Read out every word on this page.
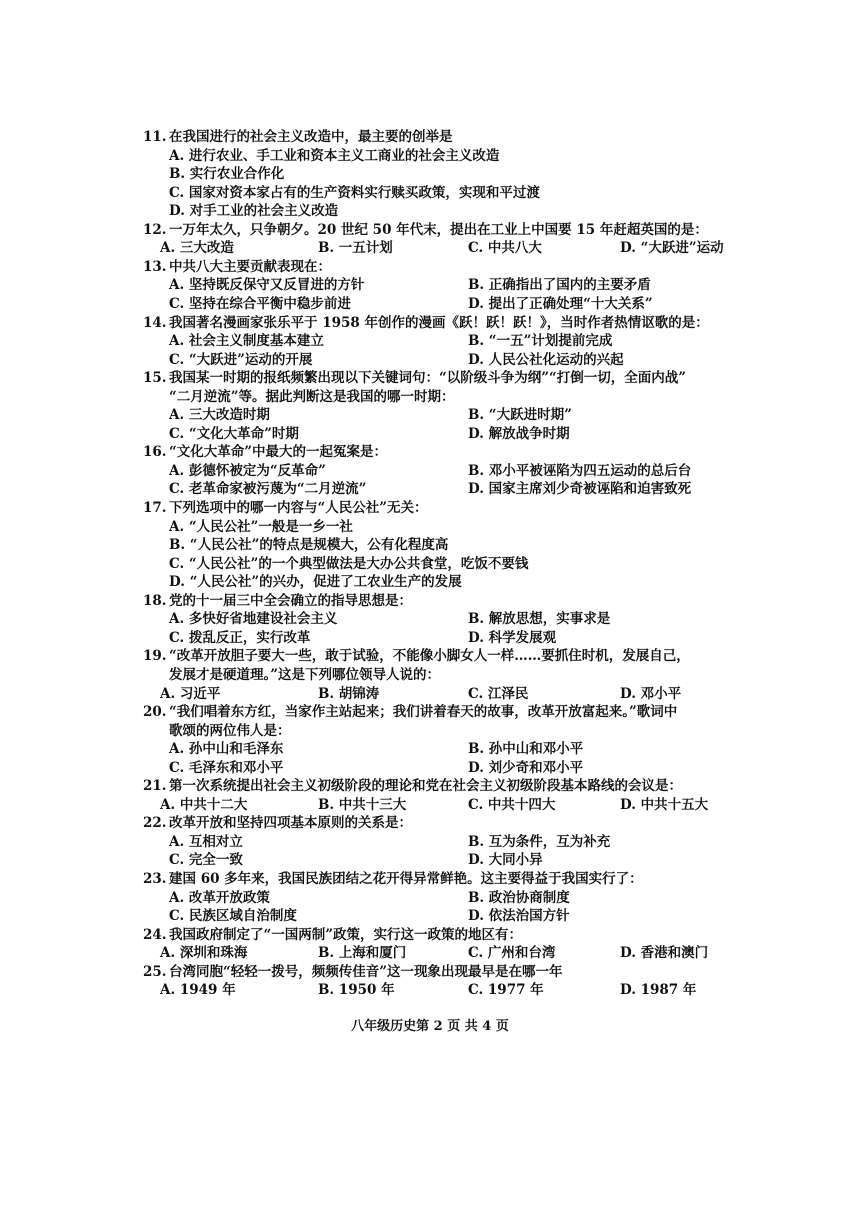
11. 在我国进行的社会主义改造中，最主要的创举是
A. 进行农业、手工业和资本主义工商业的社会主义改造
B. 实行农业合作化
C. 国家对资本家占有的生产资料实行赎买政策，实现和平过渡
D. 对手工业的社会主义改造
12. 一万年太久，只争朝夕。20 世纪 50 年代末，提出在工业上中国要 15 年赶超英国的是：
A. 三大改造	B. 一五计划	C. 中共八大	D. “大跃进”运动
13. 中共八大主要贡献表现在：
A. 坚持既反保守又反冒进的方针	B. 正确指出了国内的主要矛盾
C. 坚持在综合平衡中稳步前进	D. 提出了正确处理“十大关系”
14. 我国著名漫画家张乐平于 1958 年创作的漫画《跃！跃！跃！》，当时作者热情讴歌的是：
A. 社会主义制度基本建立	B. “一五”计划提前完成
C. “大跃进”运动的开展	D. 人民公社化运动的兴起
15. 我国某一时期的报纸频繁出现以下关键词句：“以阶级斗争为纲”“打倒一切，全面内战”
“二月逆流”等。据此判断这是我国的哪一时期：
A. 三大改造时期	B. “大跃进时期”
C. “文化大革命”时期	D. 解放战争时期
16. “文化大革命”中最大的一起冤案是：
A. 彭德怀被定为“反革命”	B. 邓小平被诬陷为四五运动的总后台
C. 老革命家被污蔑为“二月逆流”	D. 国家主席刘少奇被诬陷和迫害致死
17. 下列选项中的哪一内容与“人民公社”无关：
A. “人民公社”一般是一乡一社
B. “人民公社”的特点是规模大，公有化程度高
C. “人民公社”的一个典型做法是大办公共食堂，吃饭不要钱
D. “人民公社”的兴办，促进了工农业生产的发展
18. 党的十一届三中全会确立的指导思想是：
A. 多快好省地建设社会主义	B. 解放思想，实事求是
C. 拨乱反正，实行改革	D. 科学发展观
19. “改革开放胆子要大一些，敢于试验，不能像小脚女人一样……要抓住时机，发展自己，
发展才是硬道理。”这是下列哪位领导人说的：
A. 习近平	B. 胡锦涛	C. 江泽民	D. 邓小平
20. “我们唱着东方红，当家作主站起来；我们讲着春天的故事，改革开放富起来。”歌词中
歌颂的两位伟人是：
A. 孙中山和毛泽东	B. 孙中山和邓小平
C. 毛泽东和邓小平	D. 刘少奇和邓小平
21. 第一次系统提出社会主义初级阶段的理论和党在社会主义初级阶段基本路线的会议是：
A. 中共十二大	B. 中共十三大	C. 中共十四大	D. 中共十五大
22. 改革开放和坚持四项基本原则的关系是：
A. 互相对立	B. 互为条件，互为补充
C. 完全一致	D. 大同小异
23. 建国 60 多年来，我国民族团结之花开得异常鲜艳。这主要得益于我国实行了：
A. 改革开放政策	B. 政治协商制度
C. 民族区域自治制度	D. 依法治国方针
24. 我国政府制定了“一国两制”政策，实行这一政策的地区有：
A. 深圳和珠海	B. 上海和厦门	C. 广州和台湾	D. 香港和澳门
25. 台湾同胞“轻轻一拨号，频频传佳音”这一现象出现最早是在哪一年
A. 1949 年	B. 1950 年	C. 1977 年	D. 1987 年
八年级历史第 2 页 共 4 页
